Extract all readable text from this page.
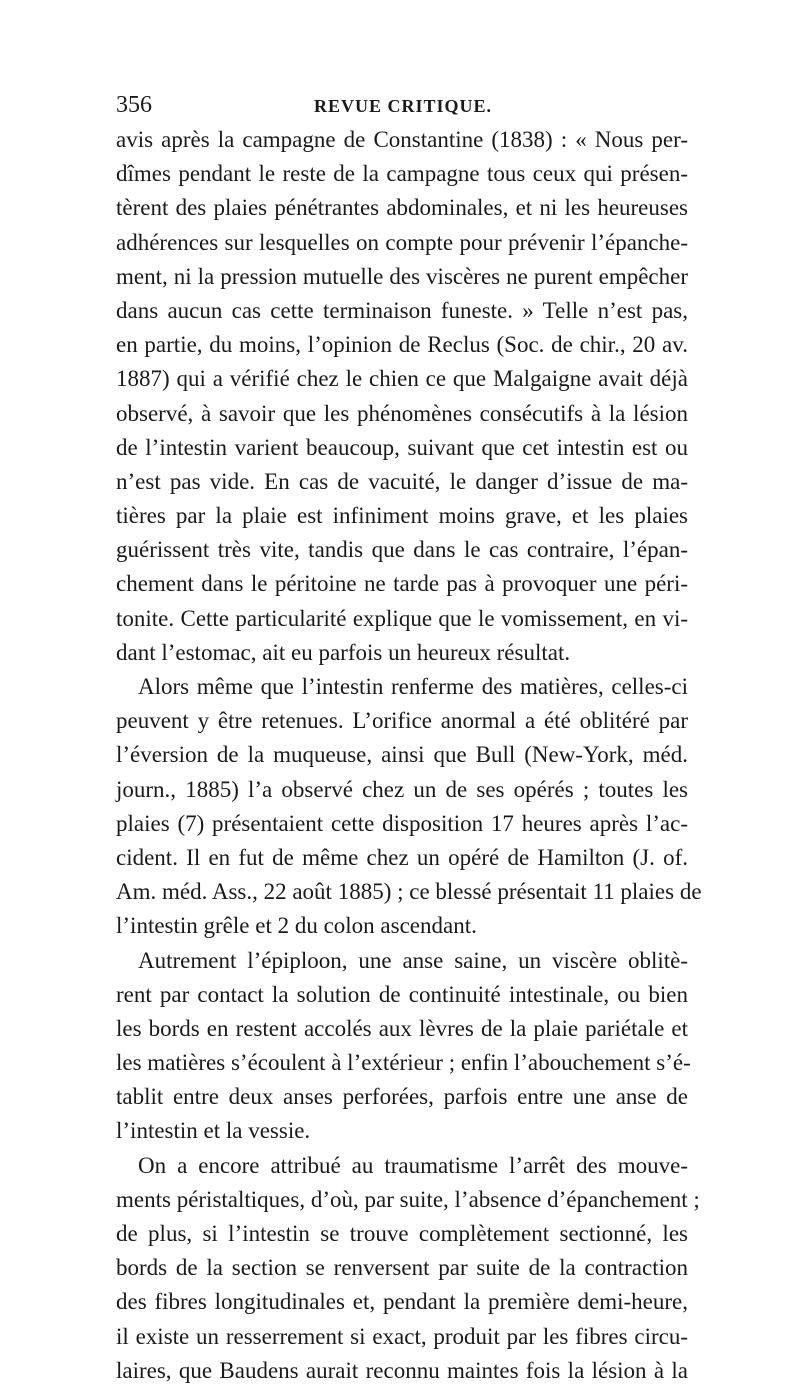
356	REVUE CRITIQUE.
avis après la campagne de Constantine (1838) : « Nous per-
dîmes pendant le reste de la campagne tous ceux qui présen-
tèrent des plaies pénétrantes abdominales, et ni les heureuses
adhérences sur lesquelles on compte pour prévenir l’épanche-
ment, ni la pression mutuelle des viscères ne purent empêcher
dans aucun cas cette terminaison funeste. » Telle n’est pas,
en partie, du moins, l’opinion de Reclus (Soc. de chir., 20 av.
1887) qui a vérifié chez le chien ce que Malgaigne avait déjà
observé, à savoir que les phénomènes consécutifs à la lésion
de l’intestin varient beaucoup, suivant que cet intestin est ou
n’est pas vide. En cas de vacuité, le danger d’issue de ma-
tières par la plaie est infiniment moins grave, et les plaies
guérissent très vite, tandis que dans le cas contraire, l’épan-
chement dans le péritoine ne tarde pas à provoquer une péri-
tonite. Cette particularité explique que le vomissement, en vi-
dant l’estomac, ait eu parfois un heureux résultat.
Alors même que l’intestin renferme des matières, celles-ci
peuvent y être retenues. L’orifice anormal a été oblitéré par
l’éversion de la muqueuse, ainsi que Bull (New-York, méd.
journ., 1885) l’a observé chez un de ses opérés ; toutes les
plaies (7) présentaient cette disposition 17 heures après l’ac-
cident. Il en fut de même chez un opéré de Hamilton (J. of.
Am. méd. Ass., 22 août 1885) ; ce blessé présentait 11 plaies de
l’intestin grêle et 2 du colon ascendant.
Autrement l’épiploon, une anse saine, un viscère oblitè-
rent par contact la solution de continuité intestinale, ou bien
les bords en restent accolés aux lèvres de la plaie pariétale et
les matières s’écoulent à l’extérieur ; enfin l’abouchement s’é-
tablit entre deux anses perforées, parfois entre une anse de
l’intestin et la vessie.
On a encore attribué au traumatisme l’arrêt des mouve-
ments péristaltiques, d’où, par suite, l’absence d’épanchement ;
de plus, si l’intestin se trouve complètement sectionné, les
bords de la section se renversent par suite de la contraction
des fibres longitudinales et, pendant la première demi-heure,
il existe un resserrement si exact, produit par les fibres circu-
laires, que Baudens aurait reconnu maintes fois la lésion à la
